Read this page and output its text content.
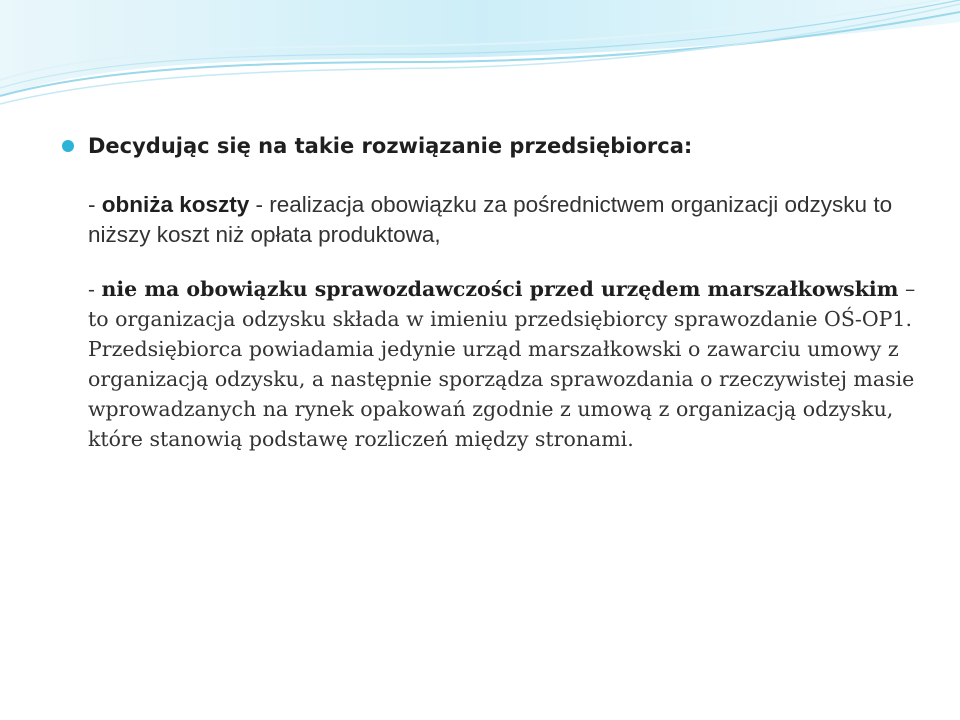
Decydując się na takie rozwiązanie przedsiębiorca:

- obniża koszty - realizacja obowiązku za pośrednictwem organizacji odzysku to niższy koszt niż opłata produktowa,

- nie ma obowiązku sprawozdawczości przed urzędem marszałkowskim – to organizacja odzysku składa w imieniu przedsiębiorcy sprawozdanie OŚ-OP1. Przedsiębiorca powiadamia jedynie urząd marszałkowski o zawarciu umowy z organizacją odzysku, a następnie sporządza sprawozdania o rzeczywistej masie wprowadzanych na rynek opakowań zgodnie z umową z organizacją odzysku, które stanowią podstawę rozliczeń między stronami.
